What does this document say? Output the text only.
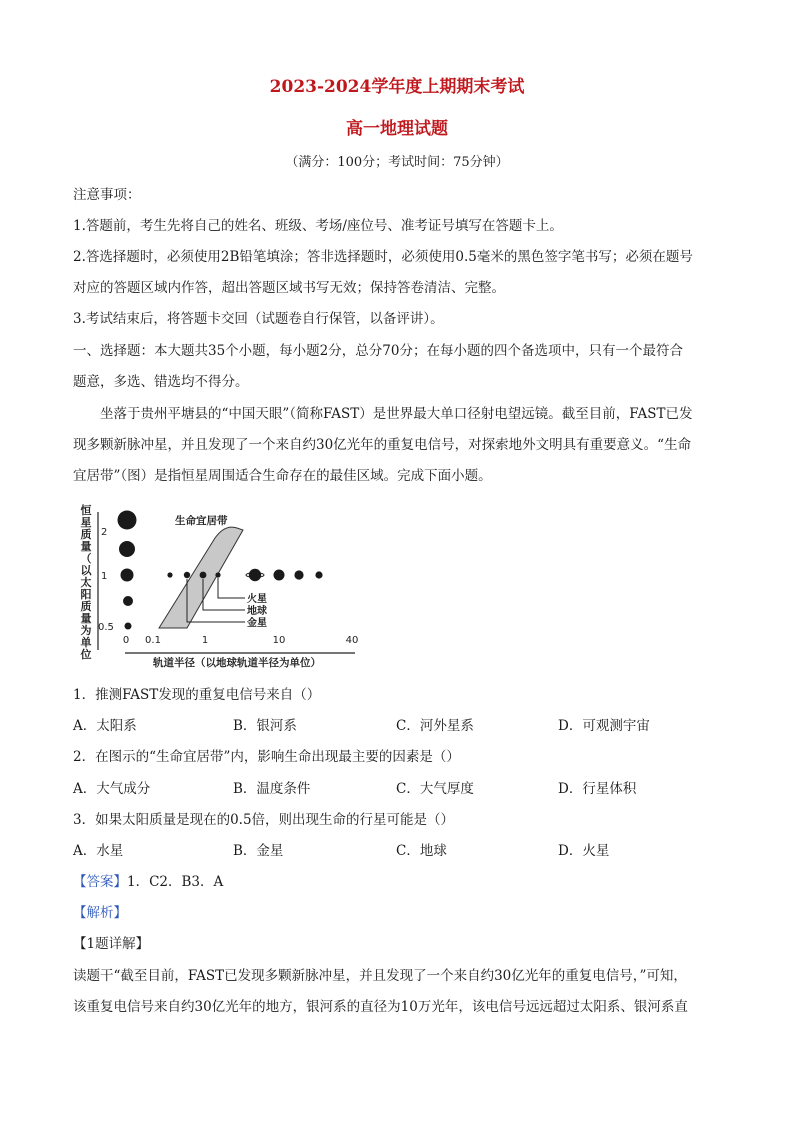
2023-2024学年度上期期末考试
高一地理试题
（满分：100分；考试时间：75分钟）
注意事项：
1.答题前，考生先将自己的姓名、班级、考场/座位号、准考证号填写在答题卡上。
2.答选择题时，必须使用2B铅笔填涂；答非选择题时，必须使用0.5毫米的黑色签字笔书写；必须在题号
对应的答题区域内作答，超出答题区域书写无效；保持答卷清洁、完整。
3.考试结束后，将答题卡交回（试题卷自行保管，以备评讲）。
一、选择题：本大题共35个小题，每小题2分，总分70分；在每小题的四个备选项中，只有一个最符合
题意，多选、错选均不得分。
坐落于贵州平塘县的“中国天眼”（简称FAST）是世界最大单口径射电望远镜。截至目前，FAST已发
现多颗新脉冲星，并且发现了一个来自约30亿光年的重复电信号，对探索地外文明具有重要意义。“生命
宜居带”（图）是指恒星周围适合生命存在的最佳区域。完成下面小题。
恒
星
质
量
（
以
太
阳
质
量
为
单
位
2
1
0.5
0 0.1	1	10	40
生命宜居带
火星
地球
金星
轨道半径（以地球轨道半径为单位）
1．推测FAST发现的重复电信号来自（）
A．太阳系	B．银河系	C．河外星系	D．可观测宇宙
2．在图示的“生命宜居带”内，影响生命出现最主要的因素是（）
A．大气成分	B．温度条件	C．大气厚度	D．行星体积
3．如果太阳质量是现在的0.5倍，则出现生命的行星可能是（）
A．水星	B．金星	C．地球	D．火星
【答案】1．C2．B3．A
【解析】
【1题详解】
读题干“截至目前，FAST已发现多颗新脉冲星，并且发现了一个来自约30亿光年的重复电信号，”可知，
该重复电信号来自约30亿光年的地方，银河系的直径为10万光年，该电信号远远超过太阳系、银河系直
